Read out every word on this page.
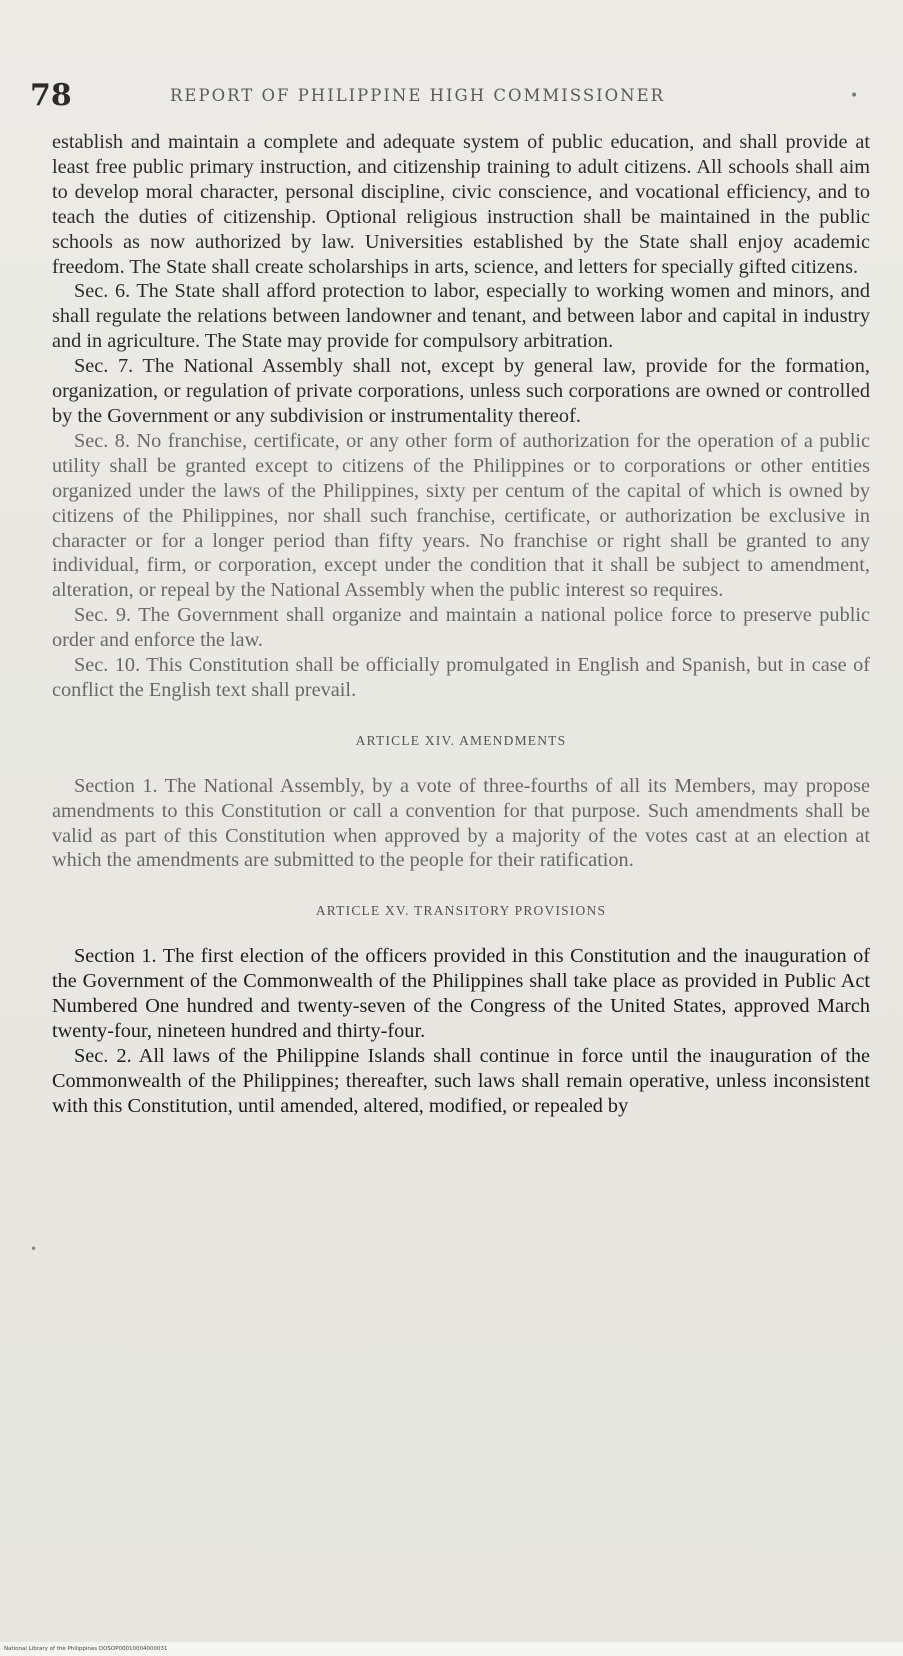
78	REPORT OF PHILIPPINE HIGH COMMISSIONER	•
•

establish and maintain a complete and adequate system of public education, and shall provide at least free public primary instruction, and citizenship training to adult citizens. All schools shall aim to develop moral character, personal discipline, civic conscience, and vocational efficiency, and to teach the duties of citizenship. Optional religious instruction shall be maintained in the public schools as now authorized by law. Universities established by the State shall enjoy academic freedom. The State shall create scholarships in arts, science, and letters for specially gifted citizens.

Sec. 6. The State shall afford protection to labor, especially to working women and minors, and shall regulate the relations between landowner and tenant, and between labor and capital in industry and in agriculture. The State may provide for compulsory arbitration.

Sec. 7. The National Assembly shall not, except by general law, provide for the formation, organization, or regulation of private corporations, unless such corporations are owned or controlled by the Government or any subdivision or instrumentality thereof.

Sec. 8. No franchise, certificate, or any other form of authorization for the operation of a public utility shall be granted except to citizens of the Philippines or to corporations or other entities organized under the laws of the Philippines, sixty per centum of the capital of which is owned by citizens of the Philippines, nor shall such franchise, certificate, or authorization be exclusive in character or for a longer period than fifty years. No franchise or right shall be granted to any individual, firm, or corporation, except under the condition that it shall be subject to amendment, alteration, or repeal by the National Assembly when the public interest so requires.

Sec. 9. The Government shall organize and maintain a national police force to preserve public order and enforce the law.

Sec. 10. This Constitution shall be officially promulgated in English and Spanish, but in case of conflict the English text shall prevail.

ARTICLE XIV. AMENDMENTS

Section 1. The National Assembly, by a vote of three-fourths of all its Members, may propose amendments to this Constitution or call a convention for that purpose. Such amendments shall be valid as part of this Constitution when approved by a majority of the votes cast at an election at which the amendments are submitted to the people for their ratification.

ARTICLE XV. TRANSITORY PROVISIONS

Section 1. The first election of the officers provided in this Constitution and the inauguration of the Government of the Commonwealth of the Philippines shall take place as provided in Public Act Numbered One hundred and twenty-seven of the Congress of the United States, approved March twenty-four, nineteen hundred and thirty-four.

Sec. 2. All laws of the Philippine Islands shall continue in force until the inauguration of the Commonwealth of the Philippines; thereafter, such laws shall remain operative, unless inconsistent with this Constitution, until amended, altered, modified, or repealed by

National Library of the Philippines DOSOP00010004000031
